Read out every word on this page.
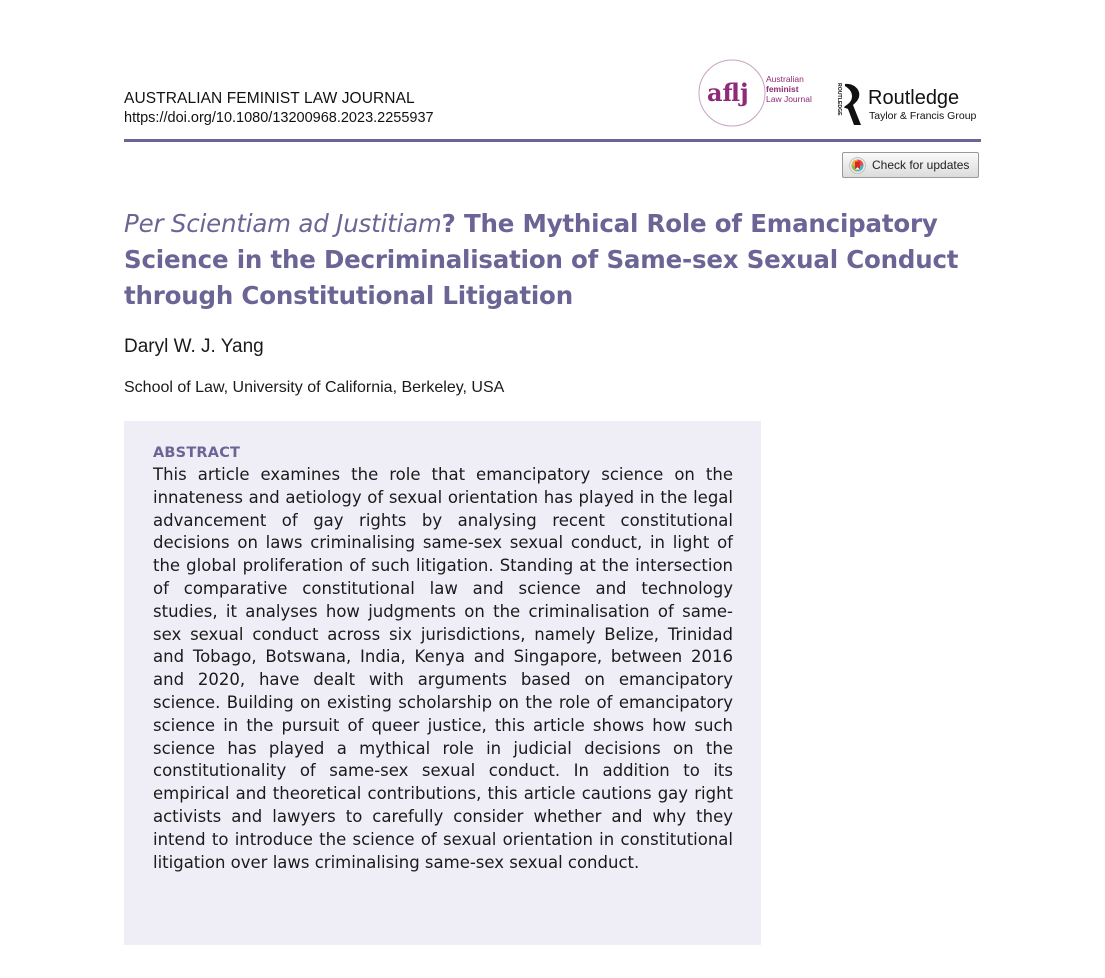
AUSTRALIAN FEMINIST LAW JOURNAL
https://doi.org/10.1080/13200968.2023.2255937
aflj Australian
feminist
Law Journal	ROUTLEDGE Routledge
Taylor & Francis Group
Check for updates
Per Scientiam ad Justitiam? The Mythical Role of Emancipatory Science in the Decriminalisation of Same-sex Sexual Conduct through Constitutional Litigation
Daryl W. J. Yang
School of Law, University of California, Berkeley, USA
ABSTRACT

This article examines the role that emancipatory science on the innateness and aetiology of sexual orientation has played in the legal advancement of gay rights by analysing recent constitutional decisions on laws criminalising same-sex sexual conduct, in light of the global proliferation of such litigation. Standing at the intersection of comparative constitutional law and science and technology studies, it analyses how judgments on the criminalisation of same-sex sexual conduct across six jurisdictions, namely Belize, Trinidad and Tobago, Botswana, India, Kenya and Singapore, between 2016 and 2020, have dealt with arguments based on emancipatory science. Building on existing scholarship on the role of emancipatory science in the pursuit of queer justice, this article shows how such science has played a mythical role in judicial decisions on the constitutionality of same-sex sexual conduct. In addition to its empirical and theoretical contributions, this article cautions gay right activists and lawyers to carefully consider whether and why they intend to introduce the science of sexual orientation in constitutional litigation over laws criminalising same-sex sexual conduct.
